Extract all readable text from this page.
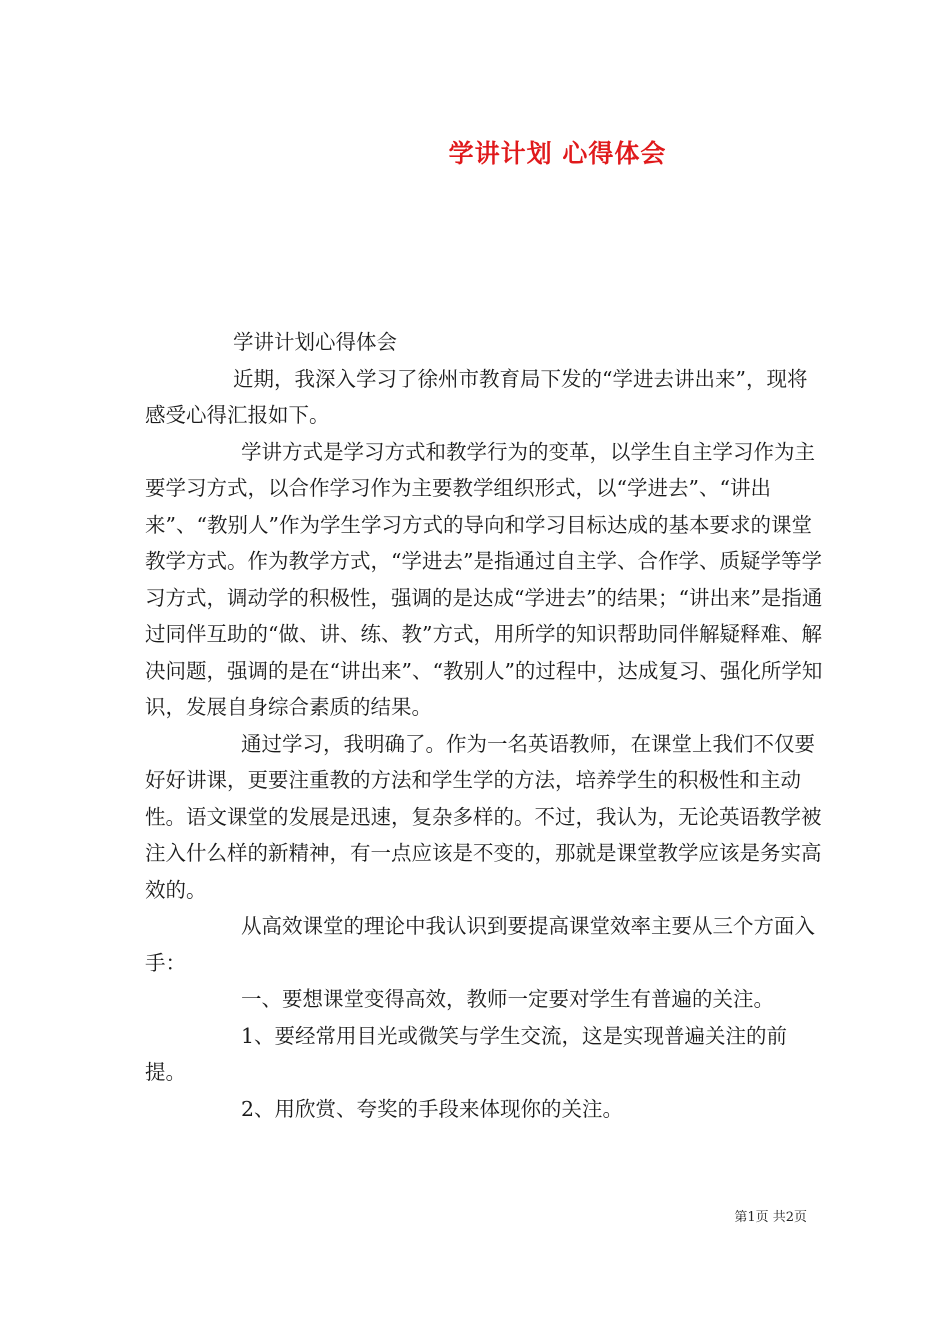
学讲计划 心得体会

学讲计划心得体会

近期，我深入学习了徐州市教育局下发的“学进去讲出来”，现将感受心得汇报如下。

学讲方式是学习方式和教学行为的变革，以学生自主学习作为主要学习方式，以合作学习作为主要教学组织形式，以“学进去”、“讲出来”、“教别人”作为学生学习方式的导向和学习目标达成的基本要求的课堂教学方式。作为教学方式，“学进去”是指通过自主学、合作学、质疑学等学习方式，调动学的积极性，强调的是达成“学进去”的结果；“讲出来”是指通过同伴互助的“做、讲、练、教”方式，用所学的知识帮助同伴解疑释难、解决问题，强调的是在“讲出来”、“教别人”的过程中，达成复习、强化所学知识，发展自身综合素质的结果。

通过学习，我明确了。作为一名英语教师，在课堂上我们不仅要好好讲课，更要注重教的方法和学生学的方法，培养学生的积极性和主动性。语文课堂的发展是迅速，复杂多样的。不过，我认为，无论英语教学被注入什么样的新精神，有一点应该是不变的，那就是课堂教学应该是务实高效的。

从高效课堂的理论中我认识到要提高课堂效率主要从三个方面入手：

一、要想课堂变得高效，教师一定要对学生有普遍的关注。

1、要经常用目光或微笑与学生交流，这是实现普遍关注的前提。

2、用欣赏、夸奖的手段来体现你的关注。

第1页 共2页
